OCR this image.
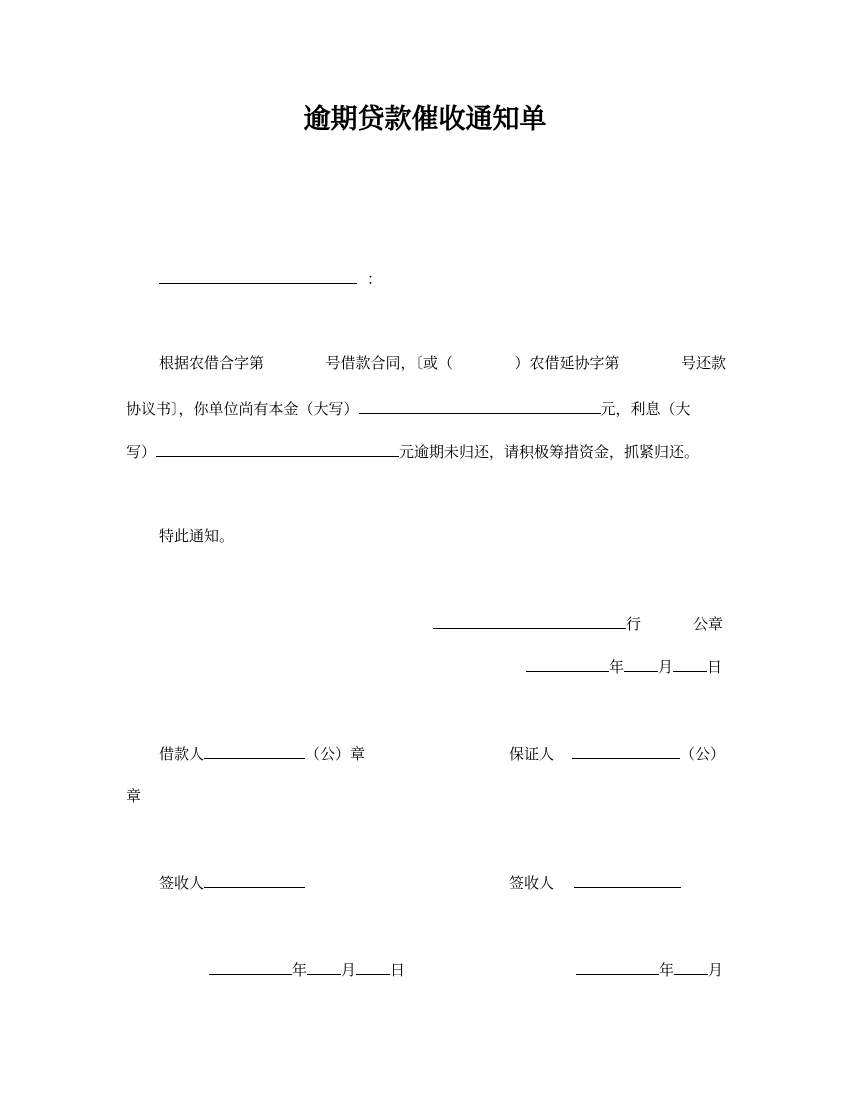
逾期贷款催收通知单
：
根据农借合字第	号借款合同，〔或（	）农借延协字第	号还款
协议书〕，你单位尚有本金（大写）	元，利息（大
写）	元逾期未归还，请积极筹措资金，抓紧归还。
特此通知。
行	公章
年 月 日
借款人	（公）章	保证人	（公）
章
签收人	签收人
年 月 日	年 月
